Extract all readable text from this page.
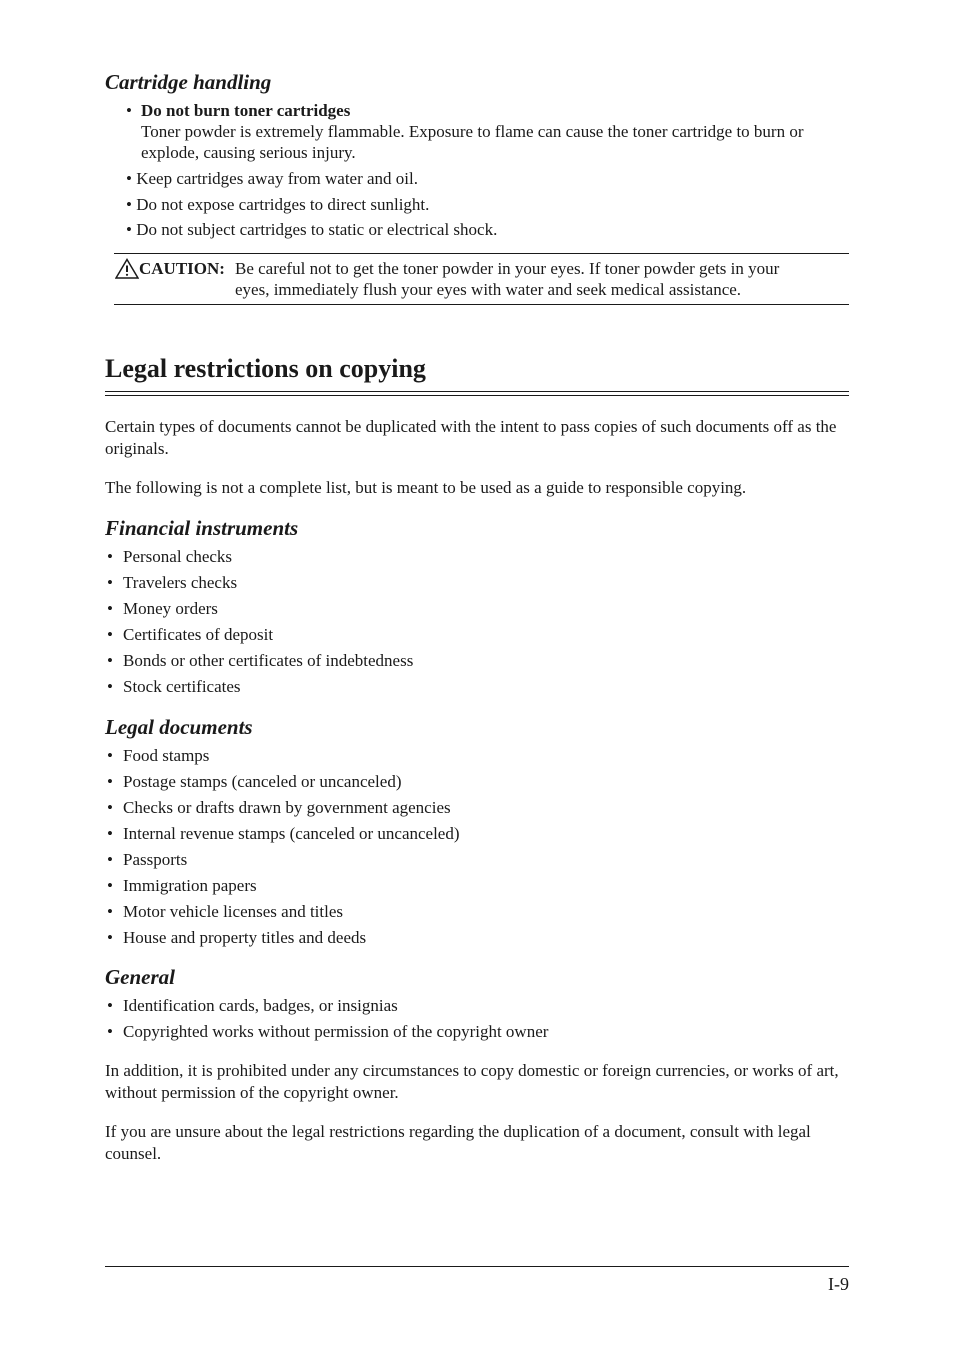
Cartridge handling
• Do not burn toner cartridges
Toner powder is extremely flammable. Exposure to flame can cause the toner cartridge to burn or explode, causing serious injury.
• Keep cartridges away from water and oil.
• Do not expose cartridges to direct sunlight.
• Do not subject cartridges to static or electrical shock.
CAUTION: Be careful not to get the toner powder in your eyes. If toner powder gets in your
eyes, immediately flush your eyes with water and seek medical assistance.
Legal restrictions on copying

Certain types of documents cannot be duplicated with the intent to pass copies of such documents off as the originals.

The following is not a complete list, but is meant to be used as a guide to responsible copying.

Financial instruments
• Personal checks
• Travelers checks
• Money orders
• Certificates of deposit
• Bonds or other certificates of indebtedness
• Stock certificates
Legal documents
• Food stamps
• Postage stamps (canceled or uncanceled)
• Checks or drafts drawn by government agencies
• Internal revenue stamps (canceled or uncanceled)
• Passports
• Immigration papers
• Motor vehicle licenses and titles
• House and property titles and deeds
General
• Identification cards, badges, or insignias
• Copyrighted works without permission of the copyright owner

In addition, it is prohibited under any circumstances to copy domestic or foreign currencies, or works of art, without permission of the copyright owner.

If you are unsure about the legal restrictions regarding the duplication of a document, consult with legal counsel.

I-9
